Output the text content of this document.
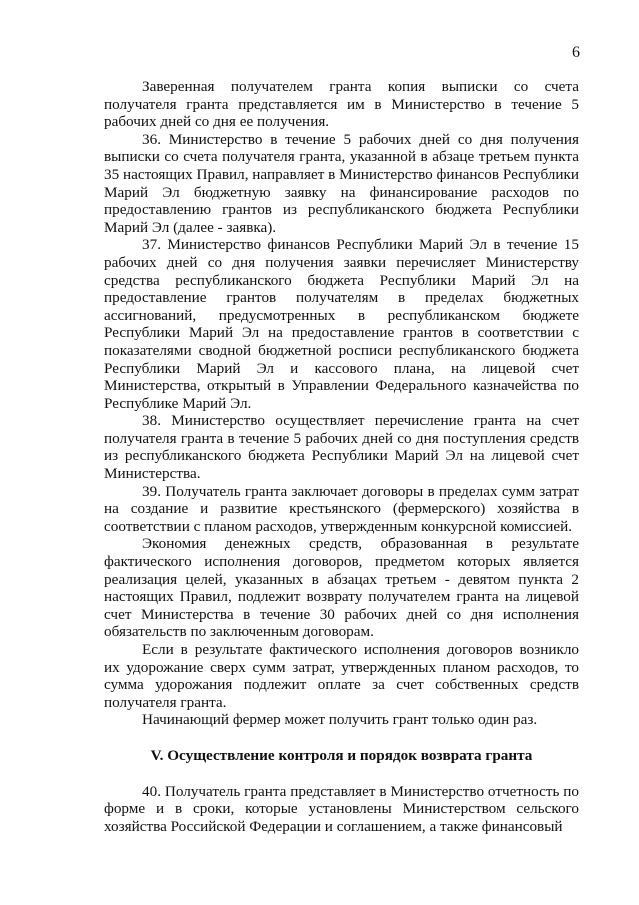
6

Заверенная получателем гранта копия выписки со счета получателя гранта представляется им в Министерство в течение 5 рабочих дней со дня ее получения.

36. Министерство в течение 5 рабочих дней со дня получения выписки со счета получателя гранта, указанной в абзаце третьем пункта 35 настоящих Правил, направляет в Министерство финансов Республики Марий Эл бюджетную заявку на финансирование расходов по предоставлению грантов из республиканского бюджета Республики Марий Эл (далее - заявка).

37. Министерство финансов Республики Марий Эл в течение 15 рабочих дней со дня получения заявки перечисляет Министерству средства республиканского бюджета Республики Марий Эл на предоставление грантов получателям в пределах бюджетных ассигнований, предусмотренных в республиканском бюджете Республики Марий Эл на предоставление грантов в соответствии с показателями сводной бюджетной росписи республиканского бюджета Республики Марий Эл и кассового плана, на лицевой счет Министерства, открытый в Управлении Федерального казначейства по Республике Марий Эл.

38. Министерство осуществляет перечисление гранта на счет получателя гранта в течение 5 рабочих дней со дня поступления средств из республиканского бюджета Республики Марий Эл на лицевой счет Министерства.

39. Получатель гранта заключает договоры в пределах сумм затрат на создание и развитие крестьянского (фермерского) хозяйства в соответствии с планом расходов, утвержденным конкурсной комиссией.

Экономия денежных средств, образованная в результате фактического исполнения договоров, предметом которых является реализация целей, указанных в абзацах третьем - девятом пункта 2 настоящих Правил, подлежит возврату получателем гранта на лицевой счет Министерства в течение 30 рабочих дней со дня исполнения обязательств по заключенным договорам.

Если в результате фактического исполнения договоров возникло их удорожание сверх сумм затрат, утвержденных планом расходов, то сумма удорожания подлежит оплате за счет собственных средств получателя гранта.

Начинающий фермер может получить грант только один раз.

V. Осуществление контроля и порядок возврата гранта

40. Получатель гранта представляет в Министерство отчетность по форме и в сроки, которые установлены Министерством сельского хозяйства Российской Федерации и соглашением, а также финансовый
